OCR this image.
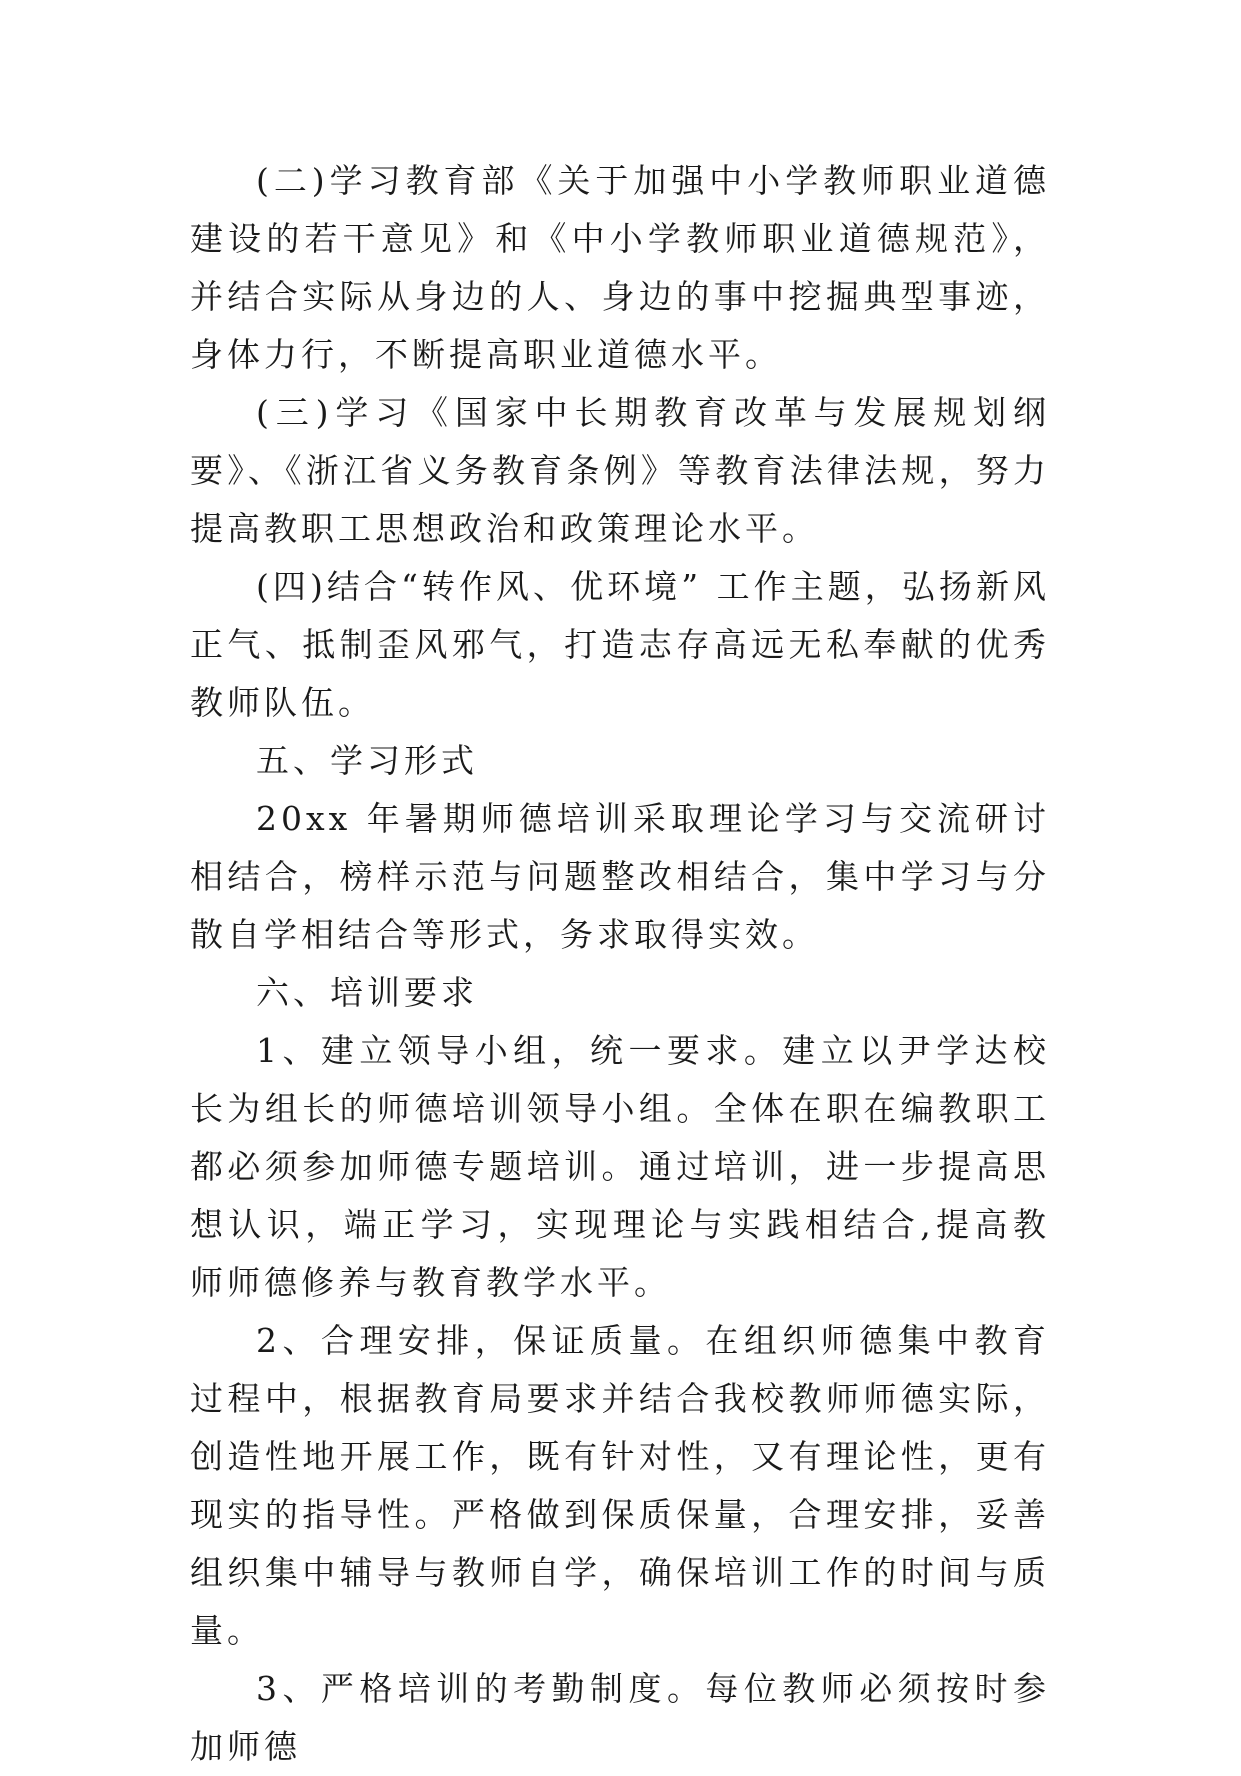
(二)学习教育部《关于加强中小学教师职业道德建设的若干意见》和《中小学教师职业道德规范》，并结合实际从身边的人、身边的事中挖掘典型事迹，身体力行，不断提高职业道德水平。

(三)学习《国家中长期教育改革与发展规划纲要》、《浙江省义务教育条例》等教育法律法规，努力提高教职工思想政治和政策理论水平。

(四)结合“转作风、优环境” 工作主题，弘扬新风正气、抵制歪风邪气，打造志存高远无私奉献的优秀教师队伍。

五、学习形式

20xx 年暑期师德培训采取理论学习与交流研讨相结合，榜样示范与问题整改相结合，集中学习与分散自学相结合等形式，务求取得实效。

六、培训要求

1、建立领导小组，统一要求。建立以尹学达校长为组长的师德培训领导小组。全体在职在编教职工都必须参加师德专题培训。通过培训，进一步提高思想认识，端正学习，实现理论与实践相结合,提高教师师德修养与教育教学水平。

2、合理安排，保证质量。在组织师德集中教育过程中，根据教育局要求并结合我校教师师德实际，创造性地开展工作，既有针对性，又有理论性，更有现实的指导性。严格做到保质保量，合理安排，妥善组织集中辅导与教师自学，确保培训工作的时间与质量。

3、严格培训的考勤制度。每位教师必须按时参加师德
